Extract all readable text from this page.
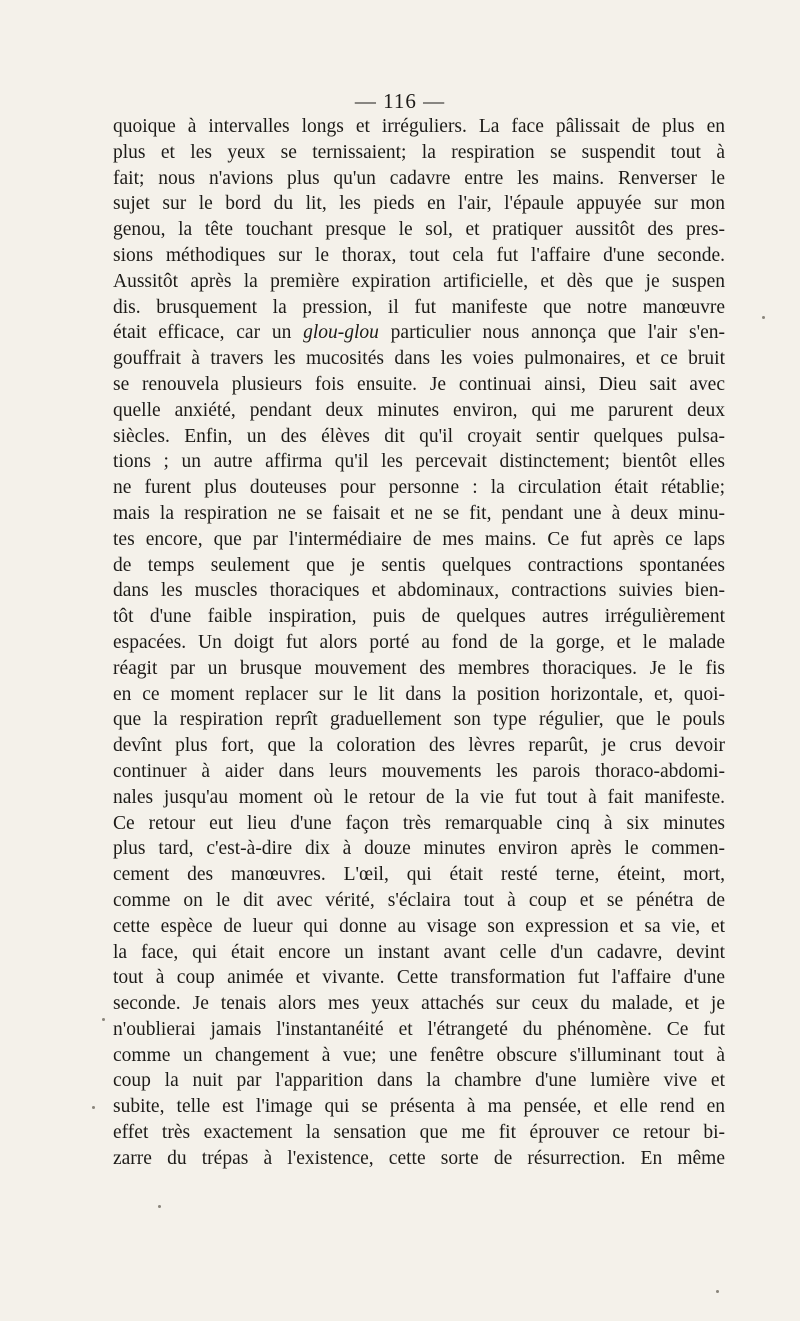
— 116 —
quoique à intervalles longs et irréguliers. La face pâlissait de plus en
plus et les yeux se ternissaient; la respiration se suspendit tout à
fait; nous n'avions plus qu'un cadavre entre les mains. Renverser le
sujet sur le bord du lit, les pieds en l'air, l'épaule appuyée sur mon
genou, la tête touchant presque le sol, et pratiquer aussitôt des pres-
sions méthodiques sur le thorax, tout cela fut l'affaire d'une seconde.
Aussitôt après la première expiration artificielle, et dès que je suspen
dis. brusquement la pression, il fut manifeste que notre manœuvre
était efficace, car un glou-glou particulier nous annonça que l'air s'en-
gouffrait à travers les mucosités dans les voies pulmonaires, et ce bruit
se renouvela plusieurs fois ensuite. Je continuai ainsi, Dieu sait avec
quelle anxiété, pendant deux minutes environ, qui me parurent deux
siècles. Enfin, un des élèves dit qu'il croyait sentir quelques pulsa-
tions ; un autre affirma qu'il les percevait distinctement; bientôt elles
ne furent plus douteuses pour personne : la circulation était rétablie;
mais la respiration ne se faisait et ne se fit, pendant une à deux minu-
tes encore, que par l'intermédiaire de mes mains. Ce fut après ce laps
de temps seulement que je sentis quelques contractions spontanées
dans les muscles thoraciques et abdominaux, contractions suivies bien-
tôt d'une faible inspiration, puis de quelques autres irrégulièrement
espacées. Un doigt fut alors porté au fond de la gorge, et le malade
réagit par un brusque mouvement des membres thoraciques. Je le fis
en ce moment replacer sur le lit dans la position horizontale, et, quoi-
que la respiration reprît graduellement son type régulier, que le pouls
devînt plus fort, que la coloration des lèvres reparût, je crus devoir
continuer à aider dans leurs mouvements les parois thoraco-abdomi-
nales jusqu'au moment où le retour de la vie fut tout à fait manifeste.
Ce retour eut lieu d'une façon très remarquable cinq à six minutes
plus tard, c'est-à-dire dix à douze minutes environ après le commen-
cement des manœuvres. L'œil, qui était resté terne, éteint, mort,
comme on le dit avec vérité, s'éclaira tout à coup et se pénétra de
cette espèce de lueur qui donne au visage son expression et sa vie, et
la face, qui était encore un instant avant celle d'un cadavre, devint
tout à coup animée et vivante. Cette transformation fut l'affaire d'une
seconde. Je tenais alors mes yeux attachés sur ceux du malade, et je
n'oublierai jamais l'instantanéité et l'étrangeté du phénomène. Ce fut
comme un changement à vue; une fenêtre obscure s'illuminant tout à
coup la nuit par l'apparition dans la chambre d'une lumière vive et
subite, telle est l'image qui se présenta à ma pensée, et elle rend en
effet très exactement la sensation que me fit éprouver ce retour bi-
zarre du trépas à l'existence, cette sorte de résurrection. En même
